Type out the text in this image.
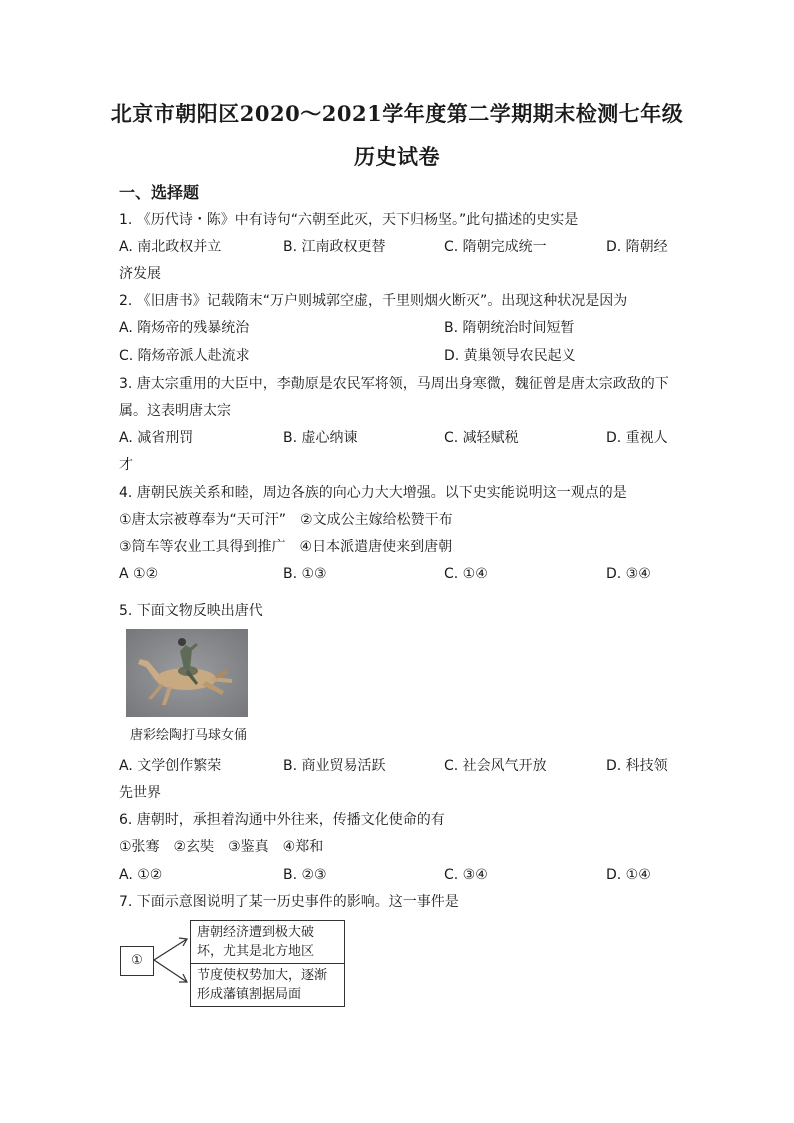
北京市朝阳区2020～2021学年度第二学期期末检测七年级
历史试卷
一、选择题
1. 《历代诗・陈》中有诗句“六朝至此灭，天下归杨坚。”此句描述的史实是
A. 南北政权并立	B. 江南政权更替	C. 隋朝完成统一	D. 隋朝经
济发展
2. 《旧唐书》记载隋末“万户则城郭空虚，千里则烟火断灭”。出现这种状况是因为
A. 隋炀帝的残暴统治	B. 隋朝统治时间短暂
C. 隋炀帝派人赴流求	D. 黄巢领导农民起义
3. 唐太宗重用的大臣中，李勣原是农民军将领，马周出身寒微，魏征曾是唐太宗政敌的下
属。这表明唐太宗
A. 减省刑罚	B. 虚心纳谏	C. 减轻赋税	D. 重视人
才
4. 唐朝民族关系和睦，周边各族的向心力大大增强。以下史实能说明这一观点的是
①唐太宗被尊奉为“天可汗”　②文成公主嫁给松赞干布
③筒车等农业工具得到推广　④日本派遣唐使来到唐朝
A ①②	B. ①③	C. ①④	D. ③④
5. 下面文物反映出唐代
唐彩绘陶打马球女俑
A. 文学创作繁荣	B. 商业贸易活跃	C. 社会风气开放	D. 科技领
先世界
6. 唐朝时，承担着沟通中外往来，传播文化使命的有
①张骞　②玄奘　③鉴真　④郑和
A. ①②	B. ②③	C. ③④	D. ①④
7. 下面示意图说明了某一历史事件的影响。这一事件是
①
唐朝经济遭到极大破坏，尤其是北方地区
节度使权势加大，逐渐形成藩镇割据局面
